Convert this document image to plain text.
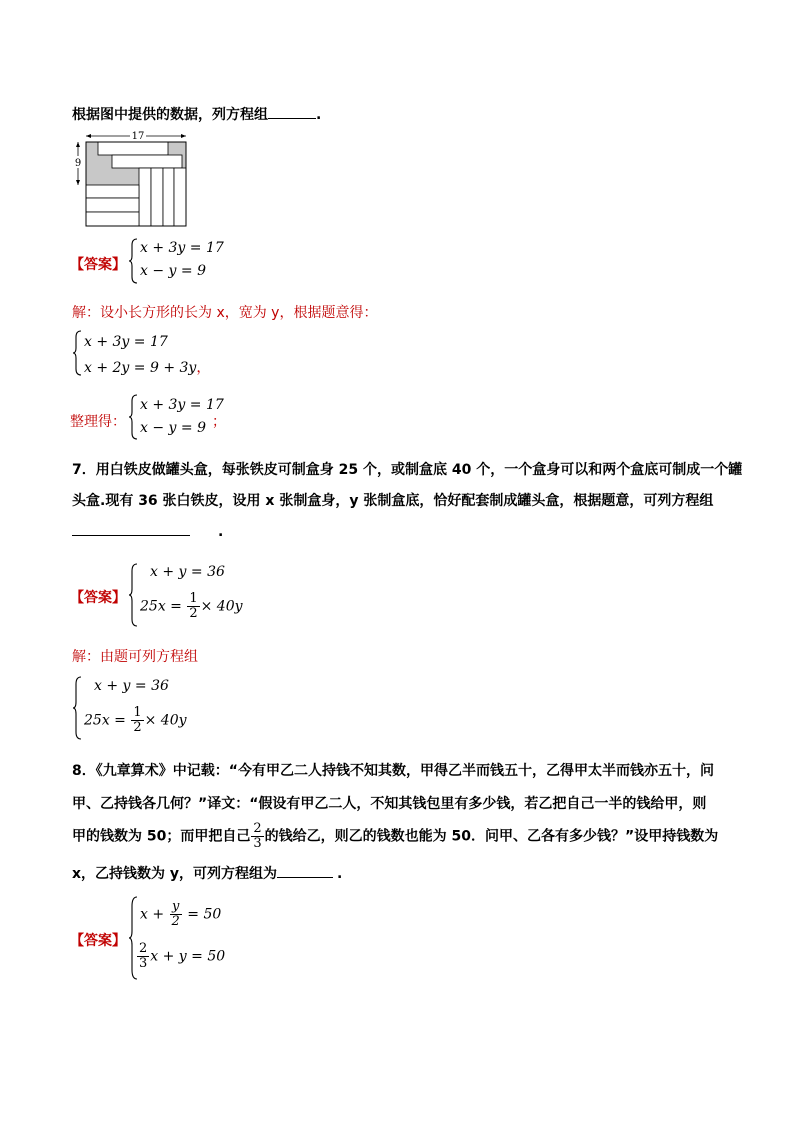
根据图中提供的数据，列方程组	.
17
9
【答案】
x + 3y = 17
x − y = 9
解：设小长方形的长为 x，宽为 y，根据题意得：
x + 3y = 17
x + 2y = 9 + 3y，
整理得：
x + 3y = 17
x − y = 9 ；
7．用白铁皮做罐头盒，每张铁皮可制盒身 25 个，或制盒底 40 个，一个盒身可以和两个盒底可制成一个罐
头盒.现有 36 张白铁皮，设用 x 张制盒身，y 张制盒底，恰好配套制成罐头盒，根据题意，可列方程组
.
【答案】
x + y = 36
$25x = \frac{1}{2} \times 40y$
解：由题可列方程组
x + y = 36
$25x = \frac{1}{2} \times 40y$
8．《九章算术》中记载：“今有甲乙二人持钱不知其数，甲得乙半而钱五十，乙得甲太半而钱亦五十，问
甲、乙持钱各几何？”译文：“假设有甲乙二人，不知其钱包里有多少钱，若乙把自己一半的钱给甲，则
甲的钱数为 50；而甲把自己 $\frac{2}{3}$ 的钱给乙，则乙的钱数也能为 50．问甲、乙各有多少钱？”设甲持钱数为
x，乙持钱数为 y，可列方程组为	.
【答案】
$x + \frac{y}{2} = 50$
$\frac{2}{3}$ x + y = 50
